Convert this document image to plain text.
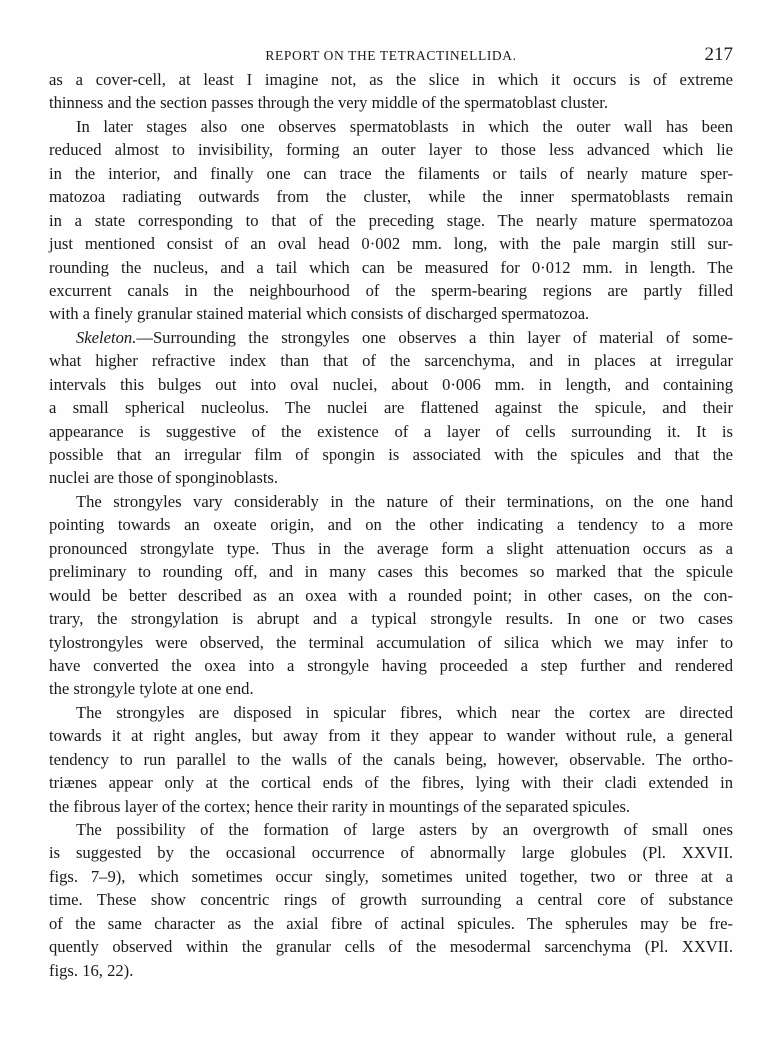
REPORT ON THE TETRACTINELLIDA.	217
as a cover-cell, at least I imagine not, as the slice in which it occurs is of extreme
thinness and the section passes through the very middle of the spermatoblast cluster.
In later stages also one observes spermatoblasts in which the outer wall has been
reduced almost to invisibility, forming an outer layer to those less advanced which lie
in the interior, and finally one can trace the filaments or tails of nearly mature sper-
matozoa radiating outwards from the cluster, while the inner spermatoblasts remain
in a state corresponding to that of the preceding stage. The nearly mature spermatozoa
just mentioned consist of an oval head 0·002 mm. long, with the pale margin still sur-
rounding the nucleus, and a tail which can be measured for 0·012 mm. in length. The
excurrent canals in the neighbourhood of the sperm-bearing regions are partly filled
with a finely granular stained material which consists of discharged spermatozoa.
Skeleton.—Surrounding the strongyles one observes a thin layer of material of some-
what higher refractive index than that of the sarcenchyma, and in places at irregular
intervals this bulges out into oval nuclei, about 0·006 mm. in length, and containing
a small spherical nucleolus. The nuclei are flattened against the spicule, and their
appearance is suggestive of the existence of a layer of cells surrounding it. It is
possible that an irregular film of spongin is associated with the spicules and that the
nuclei are those of sponginoblasts.
The strongyles vary considerably in the nature of their terminations, on the one hand
pointing towards an oxeate origin, and on the other indicating a tendency to a more
pronounced strongylate type. Thus in the average form a slight attenuation occurs as a
preliminary to rounding off, and in many cases this becomes so marked that the spicule
would be better described as an oxea with a rounded point; in other cases, on the con-
trary, the strongylation is abrupt and a typical strongyle results. In one or two cases
tylostrongyles were observed, the terminal accumulation of silica which we may infer to
have converted the oxea into a strongyle having proceeded a step further and rendered
the strongyle tylote at one end.
The strongyles are disposed in spicular fibres, which near the cortex are directed
towards it at right angles, but away from it they appear to wander without rule, a general
tendency to run parallel to the walls of the canals being, however, observable. The ortho-
triænes appear only at the cortical ends of the fibres, lying with their cladi extended in
the fibrous layer of the cortex; hence their rarity in mountings of the separated spicules.
The possibility of the formation of large asters by an overgrowth of small ones
is suggested by the occasional occurrence of abnormally large globules (Pl. XXVII.
figs. 7–9), which sometimes occur singly, sometimes united together, two or three at a
time. These show concentric rings of growth surrounding a central core of substance
of the same character as the axial fibre of actinal spicules. The spherules may be fre-
quently observed within the granular cells of the mesodermal sarcenchyma (Pl. XXVII.
figs. 16, 22).
